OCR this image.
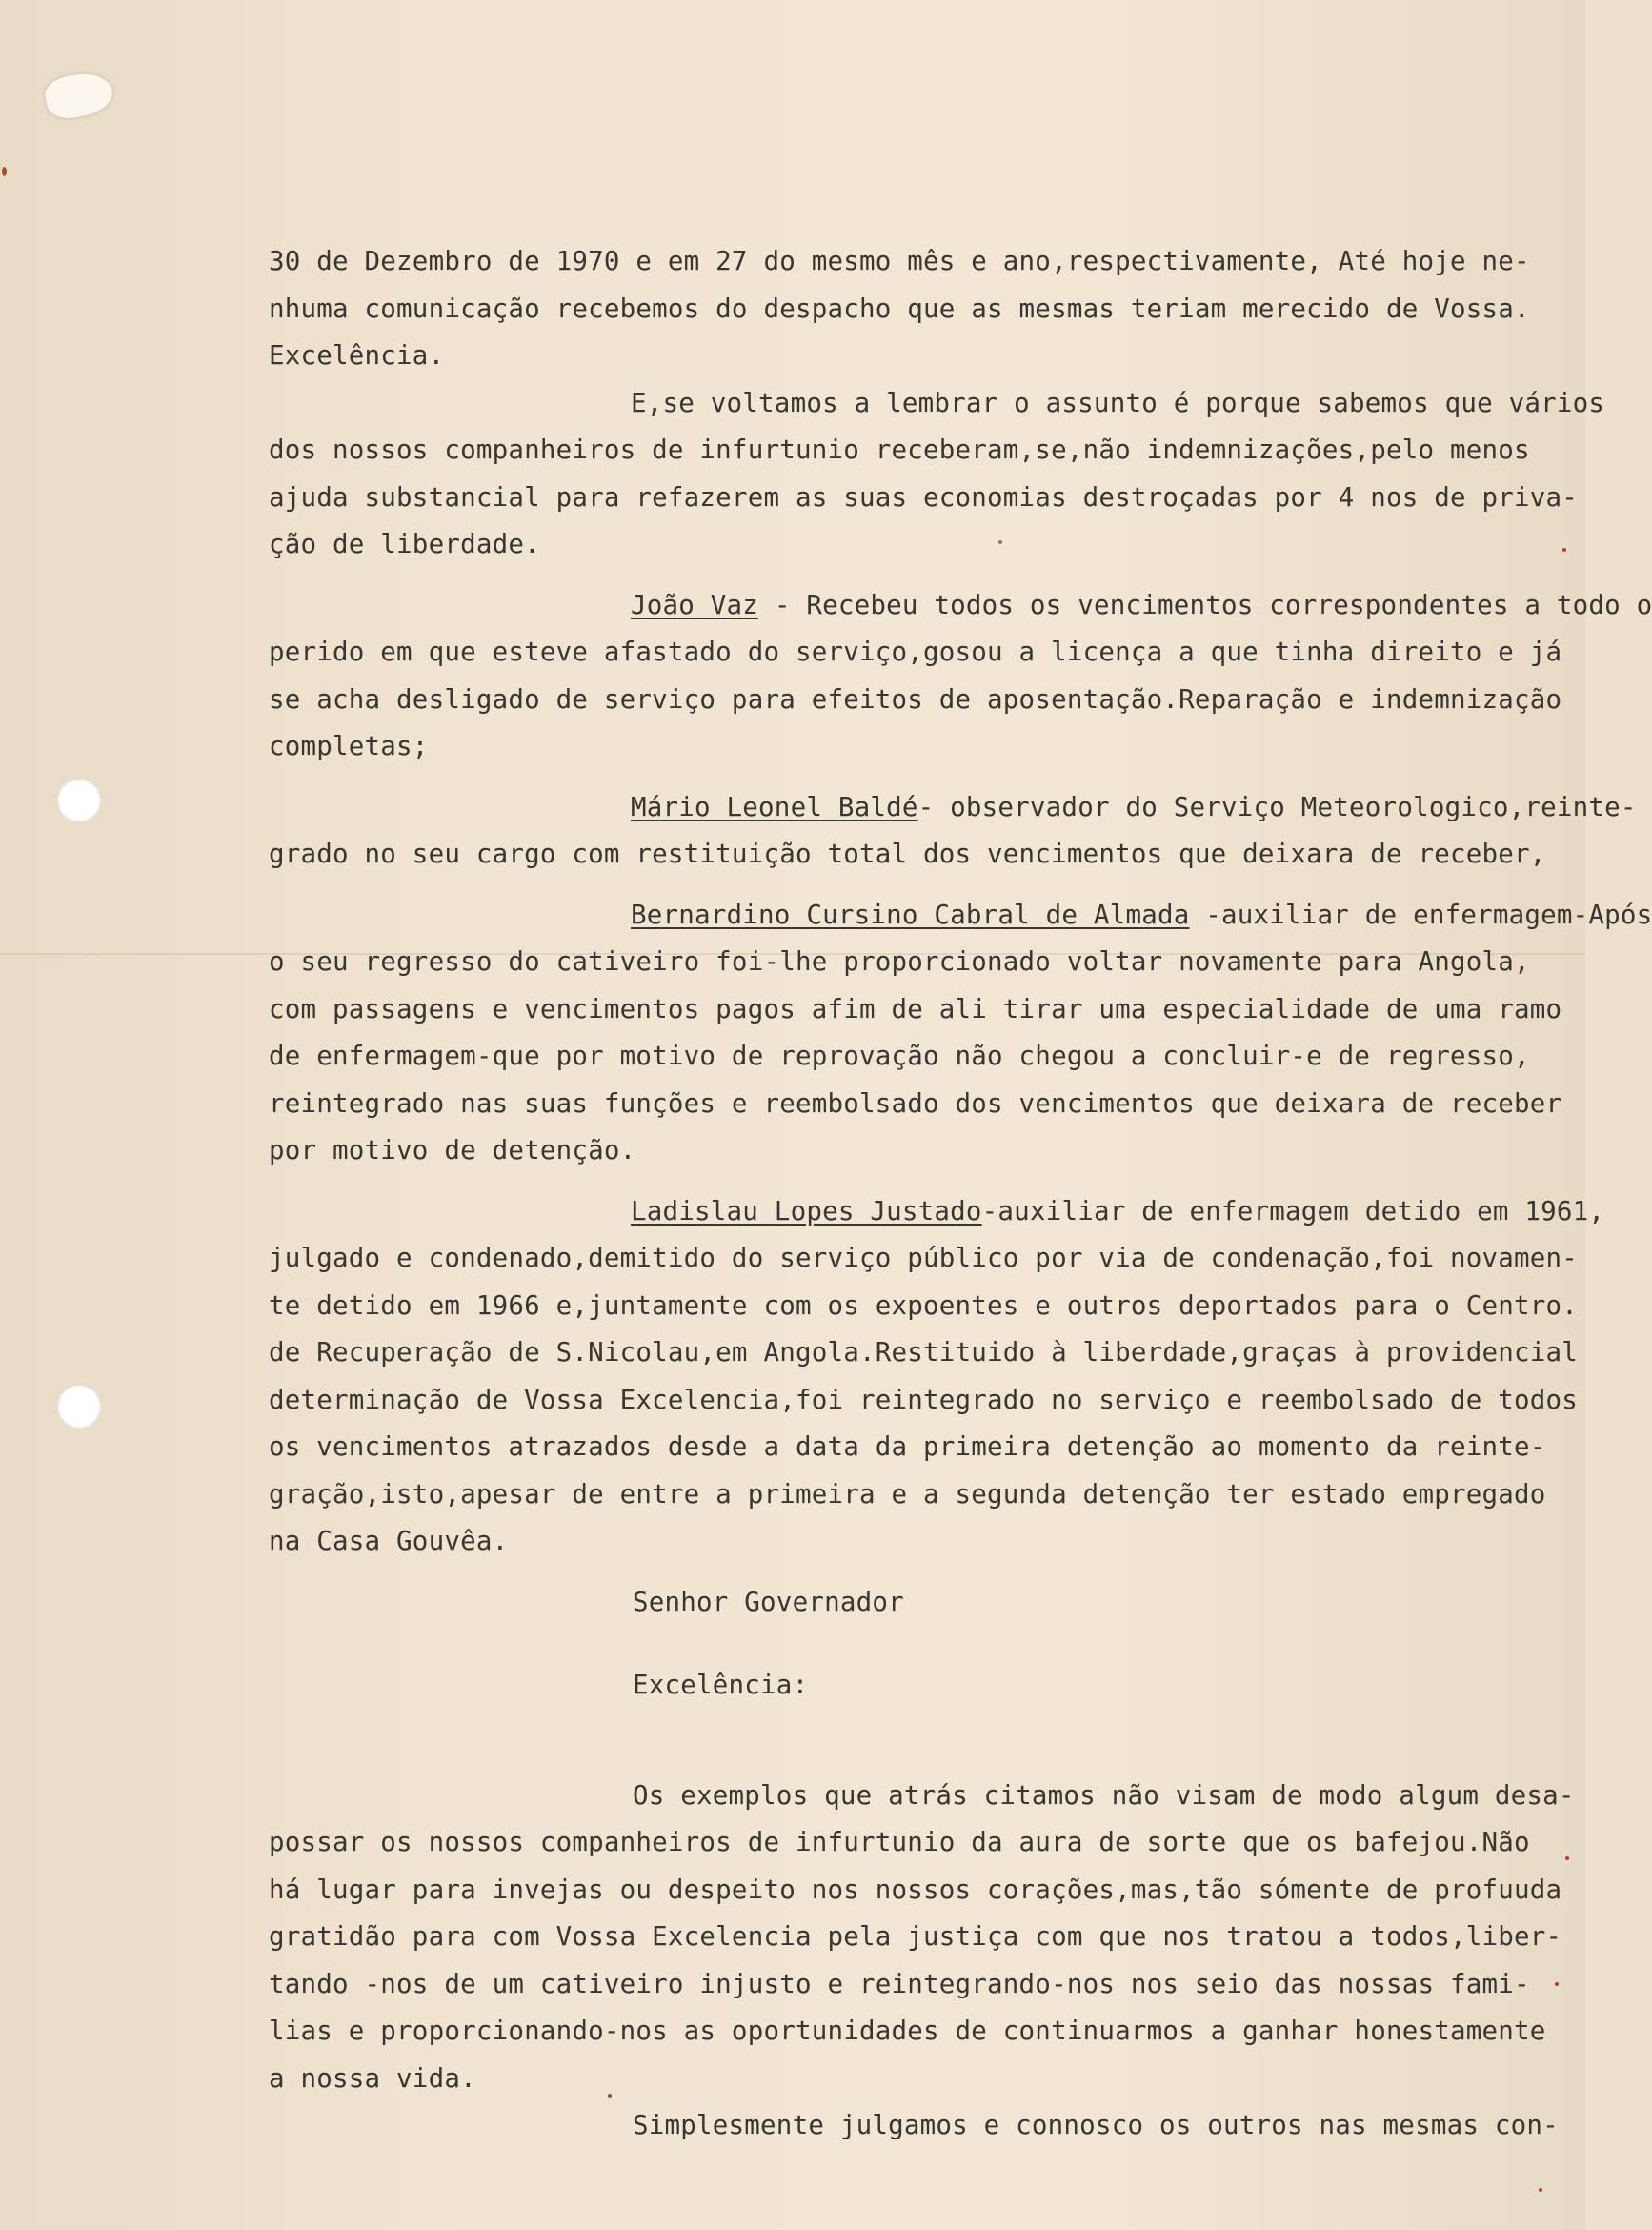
30 de Dezembro de 1970 e em 27 do mesmo mês e ano,respectivamente, Até hoje ne-
nhuma comunicação recebemos do despacho que as mesmas teriam merecido de Vossa.
Excelência.
E,se voltamos a lembrar o assunto é porque sabemos que vários
dos nossos companheiros de infurtunio receberam,se,não indemnizações,pelo menos
ajuda substancial para refazerem as suas economias destroçadas por 4 nos de priva-
ção de liberdade.
João Vaz - Recebeu todos os vencimentos correspondentes a todo o
perido em que esteve afastado do serviço,gosou a licença a que tinha direito e já
se acha desligado de serviço para efeitos de aposentação.Reparação e indemnização
completas;
Mário Leonel Baldé- observador do Serviço Meteorologico,reinte-
grado no seu cargo com restituição total dos vencimentos que deixara de receber,
Bernardino Cursino Cabral de Almada -auxiliar de enfermagem-Após
o seu regresso do cativeiro foi-lhe proporcionado voltar novamente para Angola,
com passagens e vencimentos pagos afim de ali tirar uma especialidade de uma ramo
de enfermagem-que por motivo de reprovação não chegou a concluir-e de regresso,
reintegrado nas suas funções e reembolsado dos vencimentos que deixara de receber
por motivo de detenção.
Ladislau Lopes Justado-auxiliar de enfermagem detido em 1961,
julgado e condenado,demitido do serviço público por via de condenação,foi novamen-
te detido em 1966 e,juntamente com os expoentes e outros deportados para o Centro.
de Recuperação de S.Nicolau,em Angola.Restituido à liberdade,graças à providencial
determinação de Vossa Excelencia,foi reintegrado no serviço e reembolsado de todos
os vencimentos atrazados desde a data da primeira detenção ao momento da reinte-
gração,isto,apesar de entre a primeira e a segunda detenção ter estado empregado
na Casa Gouvêa.
Senhor Governador
Excelência:
Os exemplos que atrás citamos não visam de modo algum desa-
possar os nossos companheiros de infurtunio da aura de sorte que os bafejou.Não
há lugar para invejas ou despeito nos nossos corações,mas,tão sómente de profuuda
gratidão para com Vossa Excelencia pela justiça com que nos tratou a todos,liber-
tando -nos de um cativeiro injusto e reintegrando-nos nos seio das nossas fami-
lias e proporcionando-nos as oportunidades de continuarmos a ganhar honestamente
a nossa vida.
Simplesmente julgamos e connosco os outros nas mesmas con-
